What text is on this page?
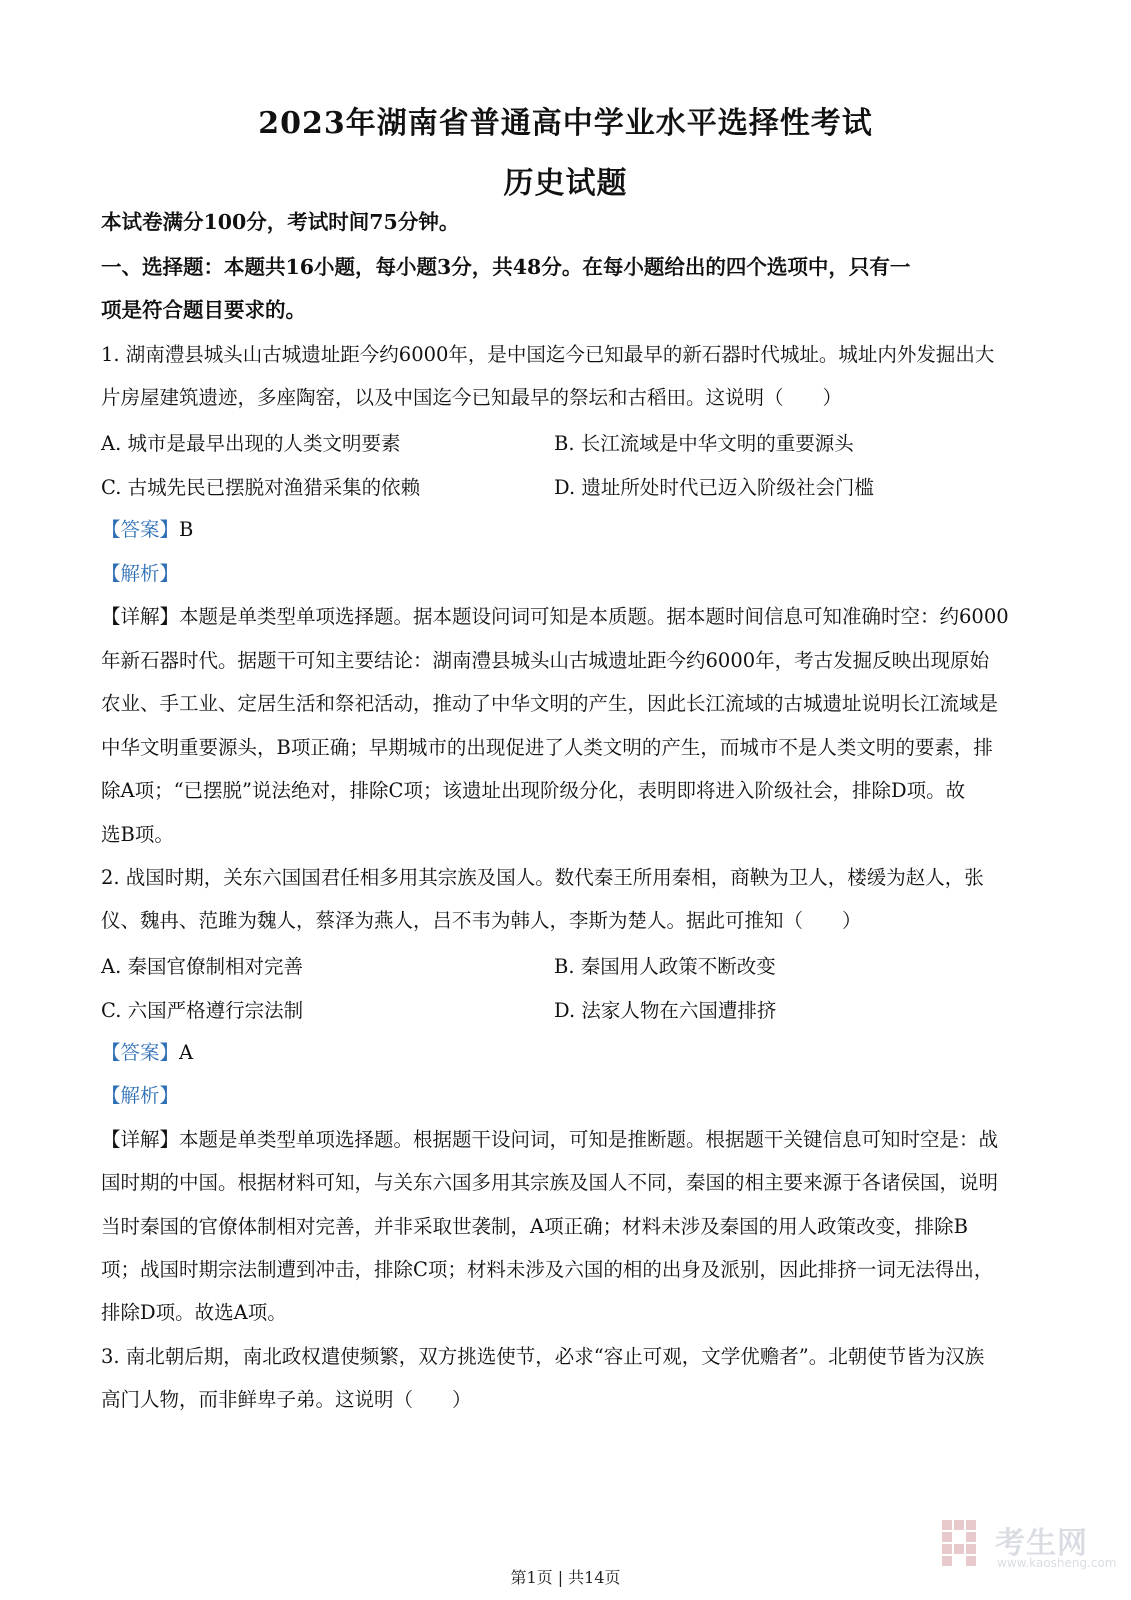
2023年湖南省普通高中学业水平选择性考试
历史试题
本试卷满分100分，考试时间75分钟。
一、选择题：本题共16小题，每小题3分，共48分。在每小题给出的四个选项中，只有一
项是符合题目要求的。
1. 湖南澧县城头山古城遗址距今约6000年，是中国迄今已知最早的新石器时代城址。城址内外发掘出大
片房屋建筑遗迹，多座陶窑，以及中国迄今已知最早的祭坛和古稻田。这说明（　　）
A. 城市是最早出现的人类文明要素	B. 长江流域是中华文明的重要源头
C. 古城先民已摆脱对渔猎采集的依赖	D. 遗址所处时代已迈入阶级社会门槛
【答案】B
【解析】
【详解】本题是单类型单项选择题。据本题设问词可知是本质题。据本题时间信息可知准确时空：约6000
年新石器时代。据题干可知主要结论：湖南澧县城头山古城遗址距今约6000年，考古发掘反映出现原始
农业、手工业、定居生活和祭祀活动，推动了中华文明的产生，因此长江流域的古城遗址说明长江流域是
中华文明重要源头，B项正确；早期城市的出现促进了人类文明的产生，而城市不是人类文明的要素，排
除A项；“已摆脱”说法绝对，排除C项；该遗址出现阶级分化，表明即将进入阶级社会，排除D项。故
选B项。
2. 战国时期，关东六国国君任相多用其宗族及国人。数代秦王所用秦相，商鞅为卫人，楼缓为赵人，张
仪、魏冉、范雎为魏人，蔡泽为燕人，吕不韦为韩人，李斯为楚人。据此可推知（　　）
A. 秦国官僚制相对完善	B. 秦国用人政策不断改变
C. 六国严格遵行宗法制	D. 法家人物在六国遭排挤
【答案】A
【解析】
【详解】本题是单类型单项选择题。根据题干设问词，可知是推断题。根据题干关键信息可知时空是：战
国时期的中国。根据材料可知，与关东六国多用其宗族及国人不同，秦国的相主要来源于各诸侯国，说明
当时秦国的官僚体制相对完善，并非采取世袭制，A项正确；材料未涉及秦国的用人政策改变，排除B
项；战国时期宗法制遭到冲击，排除C项；材料未涉及六国的相的出身及派别，因此排挤一词无法得出，
排除D项。故选A项。
3. 南北朝后期，南北政权遣使频繁，双方挑选使节，必求“容止可观，文学优赡者”。北朝使节皆为汉族
高门人物，而非鲜卑子弟。这说明（　　）
考生网
www.kaosheng.com
第1页 | 共14页
